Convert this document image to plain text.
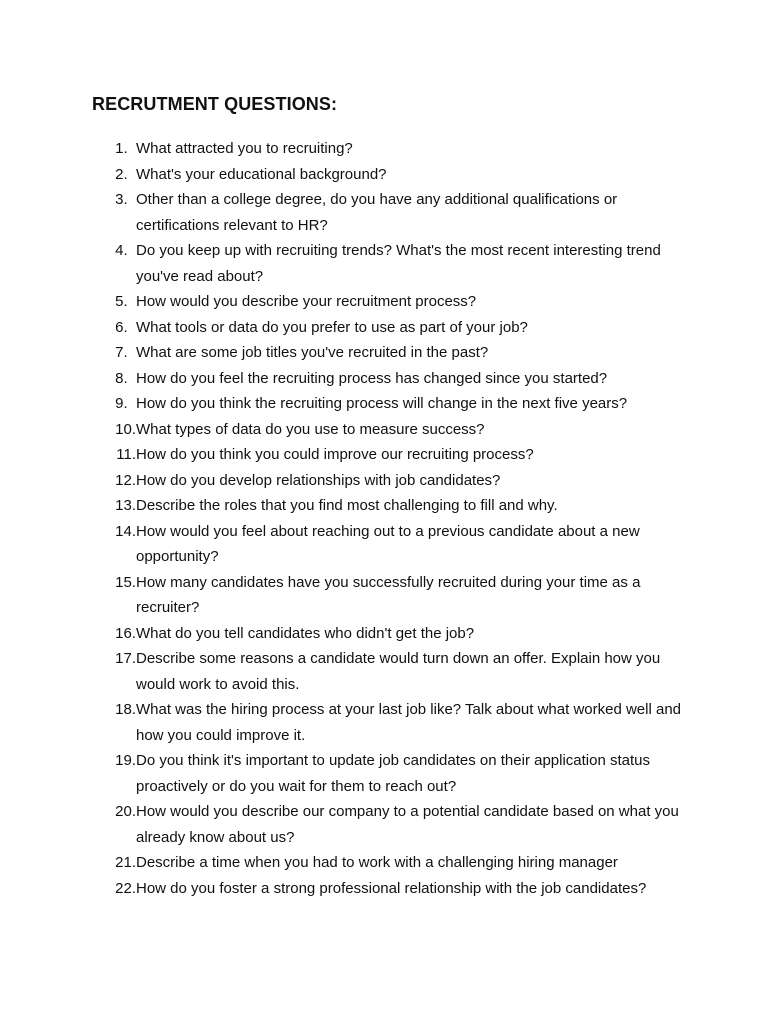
RECRUTMENT QUESTIONS:
1. What attracted you to recruiting?
2. What's your educational background?
3. Other than a college degree, do you have any additional qualifications or certifications relevant to HR?
4. Do you keep up with recruiting trends? What's the most recent interesting trend you've read about?
5. How would you describe your recruitment process?
6. What tools or data do you prefer to use as part of your job?
7. What are some job titles you've recruited in the past?
8. How do you feel the recruiting process has changed since you started?
9. How do you think the recruiting process will change in the next five years?
10. What types of data do you use to measure success?
11. How do you think you could improve our recruiting process?
12. How do you develop relationships with job candidates?
13. Describe the roles that you find most challenging to fill and why.
14. How would you feel about reaching out to a previous candidate about a new opportunity?
15. How many candidates have you successfully recruited during your time as a recruiter?
16. What do you tell candidates who didn't get the job?
17. Describe some reasons a candidate would turn down an offer. Explain how you would work to avoid this.
18. What was the hiring process at your last job like? Talk about what worked well and how you could improve it.
19. Do you think it's important to update job candidates on their application status proactively or do you wait for them to reach out?
20. How would you describe our company to a potential candidate based on what you already know about us?
21. Describe a time when you had to work with a challenging hiring manager
22. How do you foster a strong professional relationship with the job candidates?
